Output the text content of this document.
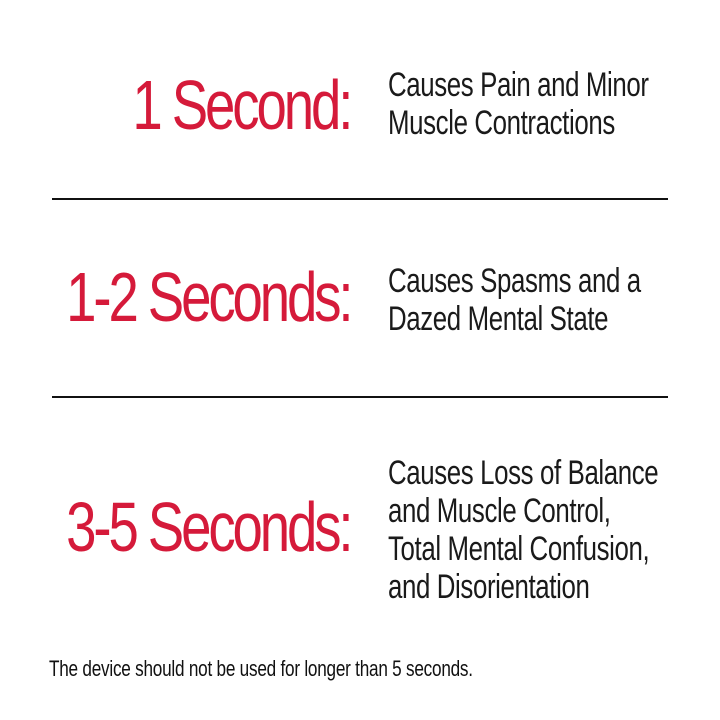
1 Second: Causes Pain and Minor
Muscle Contractions
1-2 Seconds: Causes Spasms and a
Dazed Mental State
3-5 Seconds:
Causes Loss of Balance
and Muscle Control,
Total Mental Confusion,
and Disorientation
The device should not be used for longer than 5 seconds.
